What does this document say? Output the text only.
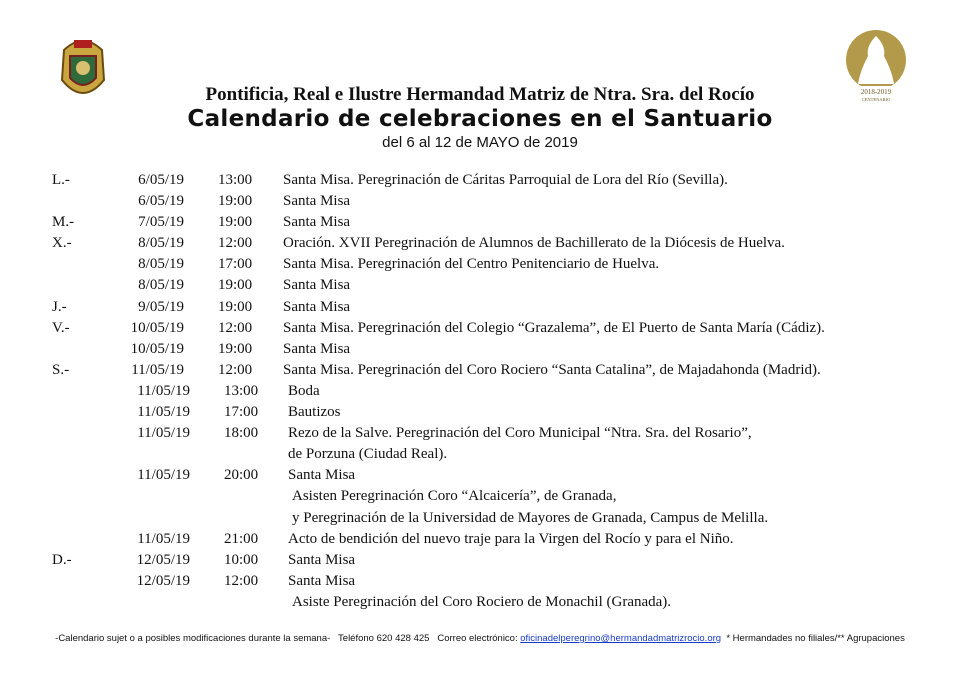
2018-2019
CENTENARIO
Pontificia, Real e Ilustre Hermandad Matriz de Ntra. Sra. del Rocío
Calendario de celebraciones en el Santuario
del 6 al 12 de MAYO de 2019
L.-	6/05/19 13:00 Santa Misa. Peregrinación de Cáritas Parroquial de Lora del Río (Sevilla).
6/05/19 19:00 Santa Misa
M.-	7/05/19 19:00 Santa Misa
X.-	8/05/19 12:00 Oración. XVII Peregrinación de Alumnos de Bachillerato de la Diócesis de Huelva.
8/05/19 17:00 Santa Misa. Peregrinación del Centro Penitenciario de Huelva.
8/05/19 19:00 Santa Misa
J.-	9/05/19 19:00 Santa Misa
V.-	10/05/19 12:00 Santa Misa. Peregrinación del Colegio “Grazalema”, de El Puerto de Santa María (Cádiz).
10/05/19 19:00 Santa Misa
S.-	11/05/19 12:00 Santa Misa. Peregrinación del Coro Rociero “Santa Catalina”, de Majadahonda (Madrid).
11/05/19 13:00 Boda
11/05/19 17:00 Bautizos
11/05/19 18:00 Rezo de la Salve. Peregrinación del Coro Municipal “Ntra. Sra. del Rosario”,
de Porzuna (Ciudad Real).
11/05/19 20:00 Santa Misa
Asisten Peregrinación Coro “Alcaicería”, de Granada,
y Peregrinación de la Universidad de Mayores de Granada, Campus de Melilla.
11/05/19 21:00 Acto de bendición del nuevo traje para la Virgen del Rocío y para el Niño.
D.-	12/05/19 10:00 Santa Misa
12/05/19 12:00 Santa Misa
Asiste Peregrinación del Coro Rociero de Monachil (Granada).
-Calendario sujet o a posibles modificaciones durante la semana- Teléfono 620 428 425 Correo electrónico: oficinadelperegrino@hermandadmatrizrocio.org * Hermandades no filiales/** Agrupaciones
